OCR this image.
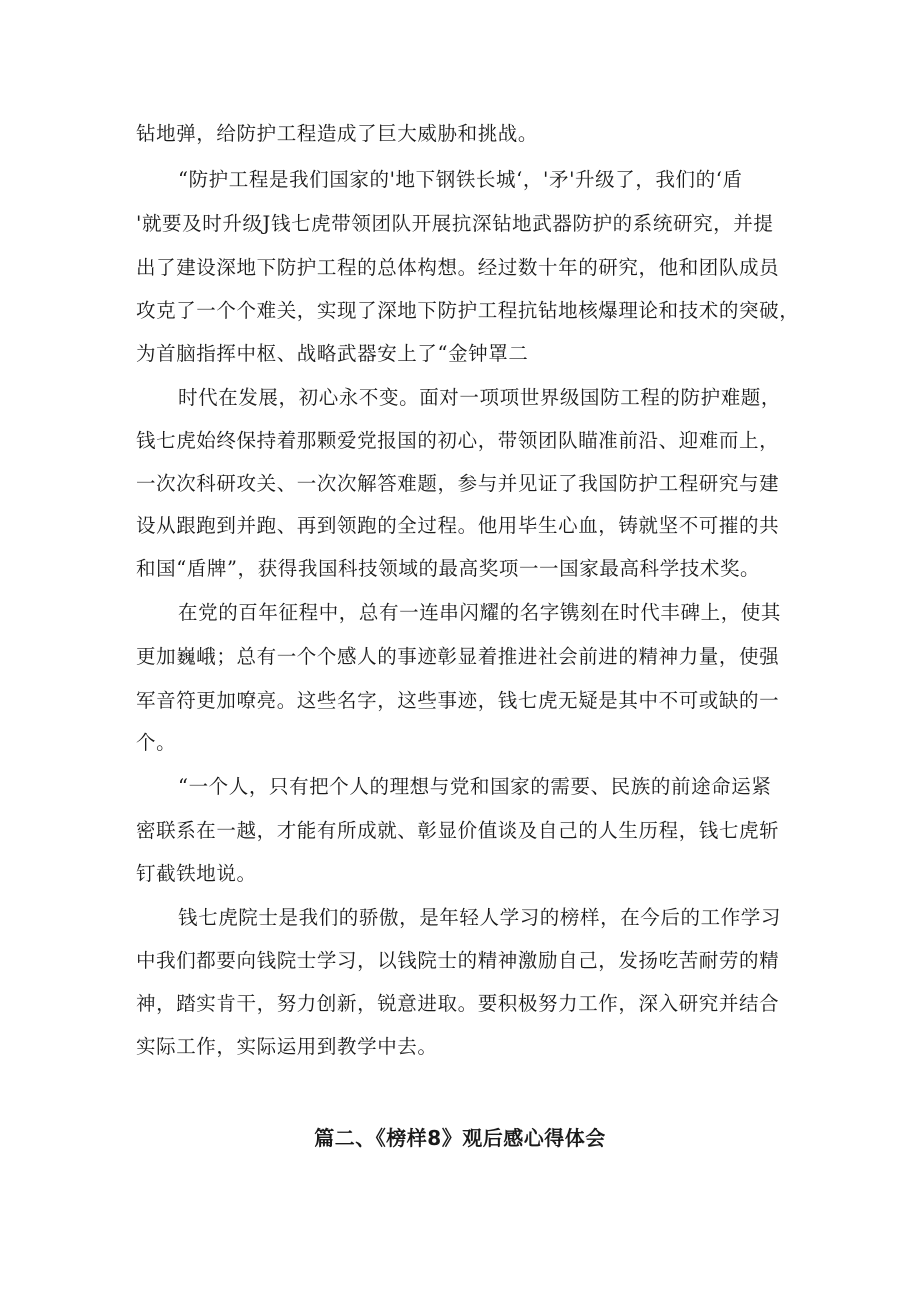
钻地弹，给防护工程造成了巨大威胁和挑战。
“防护工程是我们国家的'地下钢铁长城‘，'矛'升级了，我们的‘盾
'就要及时升级J钱七虎带领团队开展抗深钻地武器防护的系统研究，并提
出了建设深地下防护工程的总体构想。经过数十年的研究，他和团队成员
攻克了一个个难关，实现了深地下防护工程抗钻地核爆理论和技术的突破，
为首脑指挥中枢、战略武器安上了“金钟罩二
时代在发展，初心永不变。面对一项项世界级国防工程的防护难题，
钱七虎始终保持着那颗爱党报国的初心，带领团队瞄准前沿、迎难而上，
一次次科研攻关、一次次解答难题，参与并见证了我国防护工程研究与建
设从跟跑到并跑、再到领跑的全过程。他用毕生心血，铸就坚不可摧的共
和国“盾牌”，获得我国科技领域的最高奖项一一国家最高科学技术奖。
在党的百年征程中，总有一连串闪耀的名字镌刻在时代丰碑上，使其
更加巍峨；总有一个个感人的事迹彰显着推进社会前进的精神力量，使强
军音符更加嘹亮。这些名字，这些事迹，钱七虎无疑是其中不可或缺的一
个。
“一个人，只有把个人的理想与党和国家的需要、民族的前途命运紧
密联系在一越，才能有所成就、彰显价值谈及自己的人生历程，钱七虎斩
钉截铁地说。
钱七虎院士是我们的骄傲，是年轻人学习的榜样，在今后的工作学习
中我们都要向钱院士学习，以钱院士的精神激励自己，发扬吃苦耐劳的精
神，踏实肯干，努力创新，锐意进取。要积极努力工作，深入研究并结合
实际工作，实际运用到教学中去。
篇二、《榜样8》观后感心得体会
